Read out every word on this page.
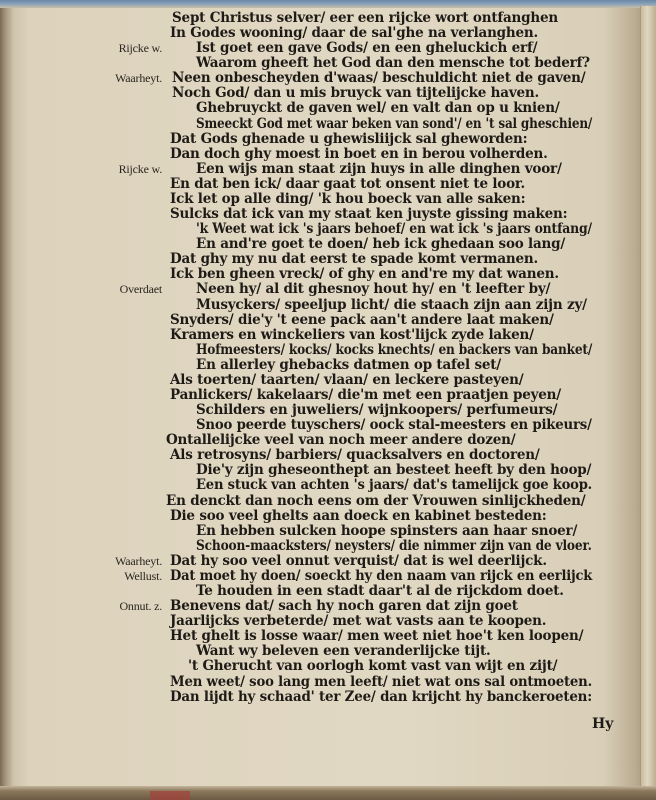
Sept Christus selver/ eer een rijcke wort ontfanghen
In Godes wooning/ daar de sal'ghe na verlanghen.
Rijcke w.	Ist goet een gave Gods/ en een gheluckich erf/
Waarom gheeft het God dan den mensche tot bederf?
Waarheyt. Neen onbescheyden d'waas/ beschuldicht niet de gaven/
Noch God/ dan u mis bruyck van tijtelijcke haven.
Ghebruyckt de gaven wel/ en valt dan op u knien/
Smeeckt God met waar beken van sond'/ en 't sal gheschien/
Dat Gods ghenade u ghewisliijck sal gheworden:
Dan doch ghy moest in boet en in berou volherden.
Rijcke w.	Een wijs man staat zijn huys in alle dinghen voor/
En dat ben ick/ daar gaat tot onsent niet te loor.
Ick let op alle ding/ 'k hou boeck van alle saken:
Sulcks dat ick van my staat ken juyste gissing maken:
'k Weet wat ick 's jaars behoef/ en wat ick 's jaars ontfang/
En and're goet te doen/ heb ick ghedaan soo lang/
Dat ghy my nu dat eerst te spade komt vermanen.
Ick ben gheen vreck/ of ghy en and're my dat wanen.
Overdaet	Neen hy/ al dit ghesnoy hout hy/ en 't leefter by/
Musyckers/ speeljup licht/ die staach zijn aan zijn zy/
Snyders/ die'y 't eene pack aan't andere laat maken/
Kramers en winckeliers van kost'lijck zyde laken/
Hofmeesters/ kocks/ kocks knechts/ en backers van banket/
En allerley ghebacks datmen op tafel set/
Als toerten/ taarten/ vlaan/ en leckere pasteyen/
Panlickers/ kakelaars/ die'm met een praatjen peyen/
Schilders en juweliers/ wijnkoopers/ perfumeurs/
Snoo peerde tuyschers/ oock stal-meesters en pikeurs/
Ontallelijcke veel van noch meer andere dozen/
Als retrosyns/ barbiers/ quacksalvers en doctoren/
Die'y zijn gheseonthept an besteet heeft by den hoop/
Een stuck van achten 's jaars/ dat's tamelijck goe koop.
En denckt dan noch eens om der Vrouwen sinlijckheden/
Die soo veel ghelts aan doeck en kabinet besteden:
En hebben sulcken hoope spinsters aan haar snoer/
Schoon-maacksters/ neysters/ die nimmer zijn van de vloer.
Waarheyt. Dat hy soo veel onnut verquist/ dat is wel deerlijck.
Wellust. Dat moet hy doen/ soeckt hy den naam van rijck en eerlijck
Te houden in een stadt daar't al de rijckdom doet.
Onnut. z. Benevens dat/ sach hy noch garen dat zijn goet
Jaarlijcks verbeterde/ met wat vasts aan te koopen.
Het ghelt is losse waar/ men weet niet hoe't ken loopen/
Want wy beleven een veranderlijcke tijt.
't Gherucht van oorlogh komt vast van wijt en zijt/
Men weet/ soo lang men leeft/ niet wat ons sal ontmoeten.
Dan lijdt hy schaad' ter Zee/ dan krijcht hy banckeroeten:
Hy
